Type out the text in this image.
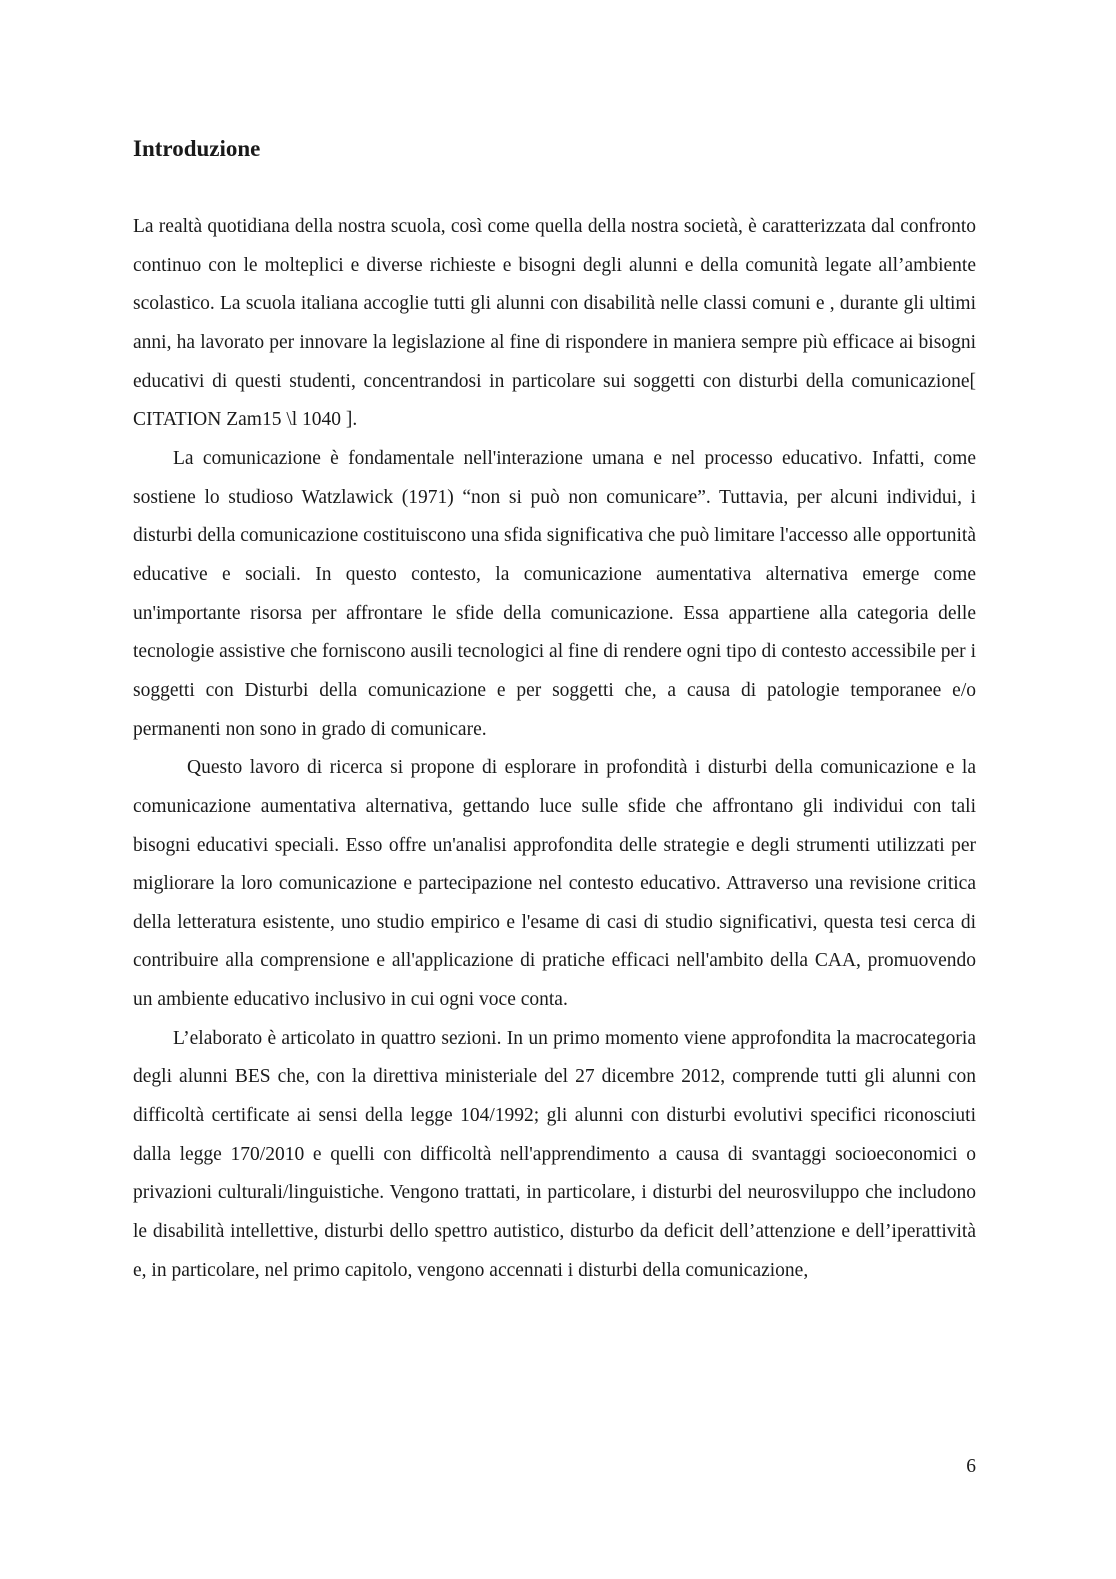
Introduzione

La realtà quotidiana della nostra scuola, così come quella della nostra società, è caratterizzata dal confronto continuo con le molteplici e diverse richieste e bisogni degli alunni e della comunità legate all’ambiente scolastico. La scuola italiana accoglie tutti gli alunni con disabilità nelle classi comuni e , durante gli ultimi anni, ha lavorato per innovare la legislazione al fine di rispondere in maniera sempre più efficace ai bisogni educativi di questi studenti, concentrandosi in particolare sui soggetti con disturbi della comunicazione[ CITATION Zam15 \l 1040 ].

La comunicazione è fondamentale nell'interazione umana e nel processo educativo. Infatti, come sostiene lo studioso Watzlawick (1971) “non si può non comunicare”. Tuttavia, per alcuni individui, i disturbi della comunicazione costituiscono una sfida significativa che può limitare l'accesso alle opportunità educative e sociali. In questo contesto, la comunicazione aumentativa alternativa emerge come un'importante risorsa per affrontare le sfide della comunicazione. Essa appartiene alla categoria delle tecnologie assistive che forniscono ausili tecnologici al fine di rendere ogni tipo di contesto accessibile per i soggetti con Disturbi della comunicazione e per soggetti che, a causa di patologie temporanee e/o permanenti non sono in grado di comunicare.

Questo lavoro di ricerca si propone di esplorare in profondità i disturbi della comunicazione e la comunicazione aumentativa alternativa, gettando luce sulle sfide che affrontano gli individui con tali bisogni educativi speciali. Esso offre un'analisi approfondita delle strategie e degli strumenti utilizzati per migliorare la loro comunicazione e partecipazione nel contesto educativo. Attraverso una revisione critica della letteratura esistente, uno studio empirico e l'esame di casi di studio significativi, questa tesi cerca di contribuire alla comprensione e all'applicazione di pratiche efficaci nell'ambito della CAA, promuovendo un ambiente educativo inclusivo in cui ogni voce conta.

L’elaborato è articolato in quattro sezioni. In un primo momento viene approfondita la macrocategoria degli alunni BES che, con la direttiva ministeriale del 27 dicembre 2012, comprende tutti gli alunni con difficoltà certificate ai sensi della legge 104/1992; gli alunni con disturbi evolutivi specifici riconosciuti dalla legge 170/2010 e quelli con difficoltà nell'apprendimento a causa di svantaggi socioeconomici o privazioni culturali/linguistiche. Vengono trattati, in particolare, i disturbi del neurosviluppo che includono le disabilità intellettive, disturbi dello spettro autistico, disturbo da deficit dell’attenzione e dell’iperattività e, in particolare, nel primo capitolo, vengono accennati i disturbi della comunicazione,

6
